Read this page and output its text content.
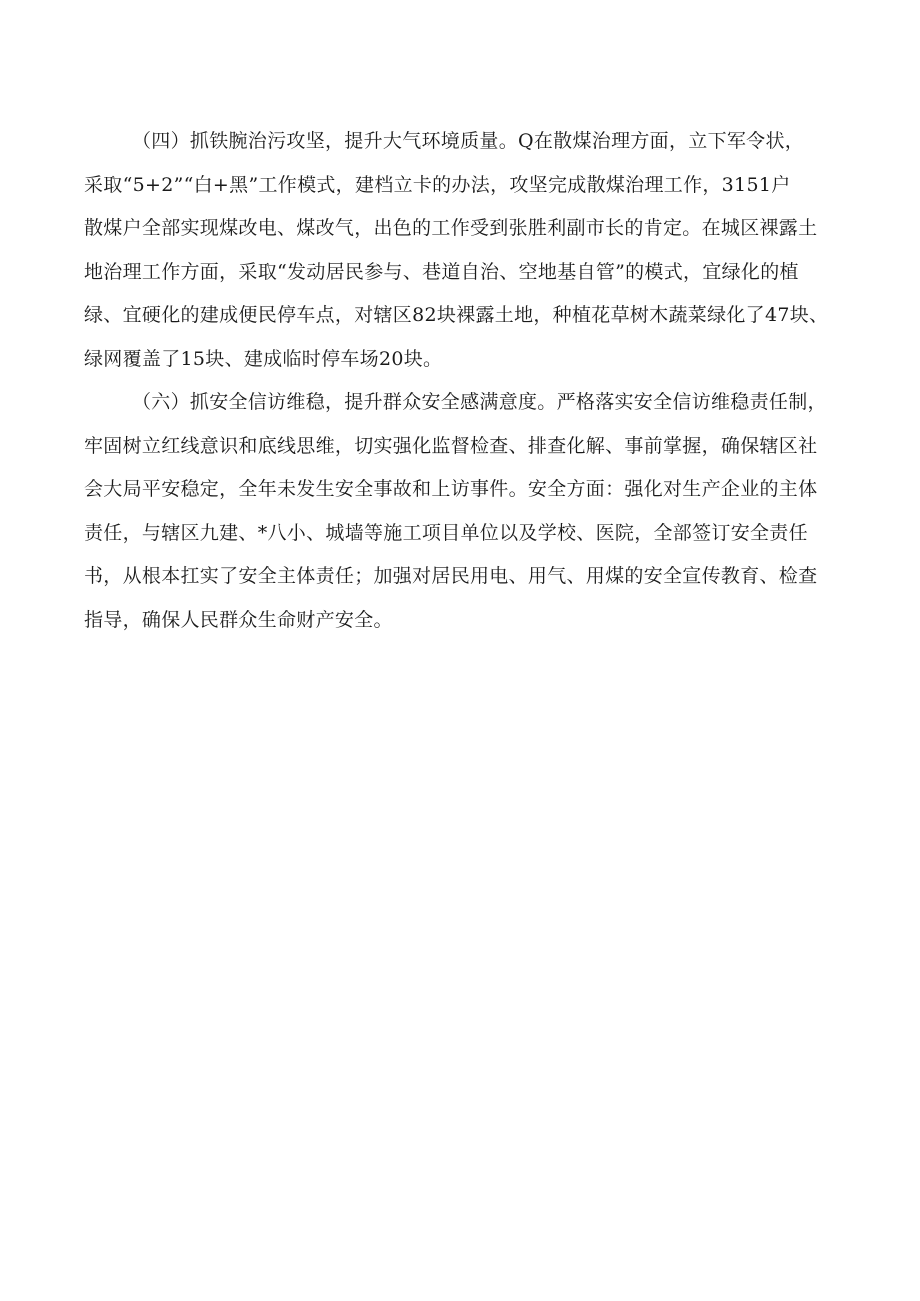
（四）抓铁腕治污攻坚，提升大气环境质量。Q在散煤治理方面，立下军令状，
采取“5+2”“白+黑”工作模式，建档立卡的办法，攻坚完成散煤治理工作，3151户
散煤户全部实现煤改电、煤改气，出色的工作受到张胜利副市长的肯定。在城区裸露土
地治理工作方面，采取“发动居民参与、巷道自治、空地基自管”的模式，宜绿化的植
绿、宜硬化的建成便民停车点，对辖区82块裸露土地，种植花草树木蔬菜绿化了47块、
绿网覆盖了15块、建成临时停车场20块。
（六）抓安全信访维稳，提升群众安全感满意度。严格落实安全信访维稳责任制，
牢固树立红线意识和底线思维，切实强化监督检查、排查化解、事前掌握，确保辖区社
会大局平安稳定，全年未发生安全事故和上访事件。安全方面：强化对生产企业的主体
责任，与辖区九建、*八小、城墙等施工项目单位以及学校、医院，全部签订安全责任
书，从根本扛实了安全主体责任；加强对居民用电、用气、用煤的安全宣传教育、检查
指导，确保人民群众生命财产安全。
